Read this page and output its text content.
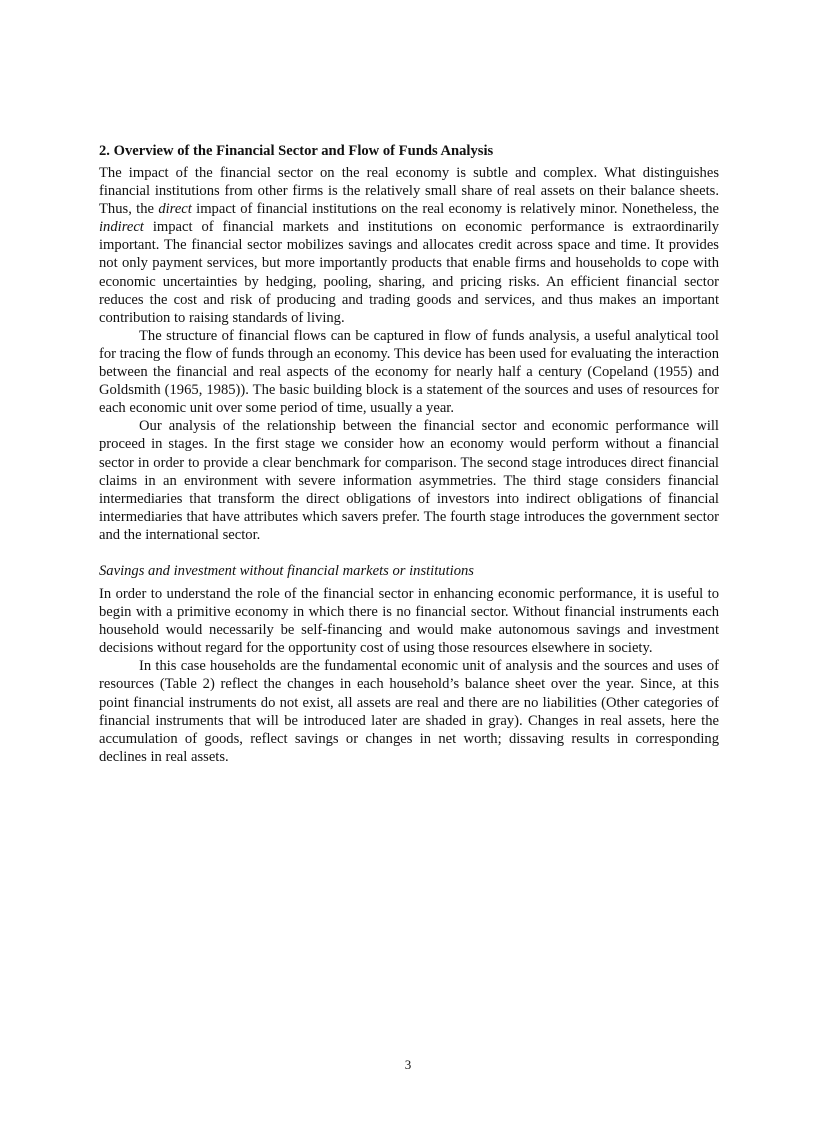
2. Overview of the Financial Sector and Flow of Funds Analysis

The impact of the financial sector on the real economy is subtle and complex. What distinguishes financial institutions from other firms is the relatively small share of real assets on their balance sheets. Thus, the direct impact of financial institutions on the real economy is relatively minor. Nonetheless, the indirect impact of financial markets and institutions on economic performance is extraordinarily important. The financial sector mobilizes savings and allocates credit across space and time. It provides not only payment services, but more importantly products that enable firms and households to cope with economic uncertainties by hedging, pooling, sharing, and pricing risks. An efficient financial sector reduces the cost and risk of producing and trading goods and services, and thus makes an important contribution to raising standards of living.

The structure of financial flows can be captured in flow of funds analysis, a useful analytical tool for tracing the flow of funds through an economy. This device has been used for evaluating the interaction between the financial and real aspects of the economy for nearly half a century (Copeland (1955) and Goldsmith (1965, 1985)). The basic building block is a statement of the sources and uses of resources for each economic unit over some period of time, usually a year.

Our analysis of the relationship between the financial sector and economic performance will proceed in stages. In the first stage we consider how an economy would perform without a financial sector in order to provide a clear benchmark for comparison. The second stage introduces direct financial claims in an environment with severe information asymmetries. The third stage considers financial intermediaries that transform the direct obligations of investors into indirect obligations of financial intermediaries that have attributes which savers prefer. The fourth stage introduces the government sector and the international sector.

Savings and investment without financial markets or institutions

In order to understand the role of the financial sector in enhancing economic performance, it is useful to begin with a primitive economy in which there is no financial sector. Without financial instruments each household would necessarily be self-financing and would make autonomous savings and investment decisions without regard for the opportunity cost of using those resources elsewhere in society.

In this case households are the fundamental economic unit of analysis and the sources and uses of resources (Table 2) reflect the changes in each household’s balance sheet over the year. Since, at this point financial instruments do not exist, all assets are real and there are no liabilities (Other categories of financial instruments that will be introduced later are shaded in gray). Changes in real assets, here the accumulation of goods, reflect savings or changes in net worth; dissaving results in corresponding declines in real assets.

3
